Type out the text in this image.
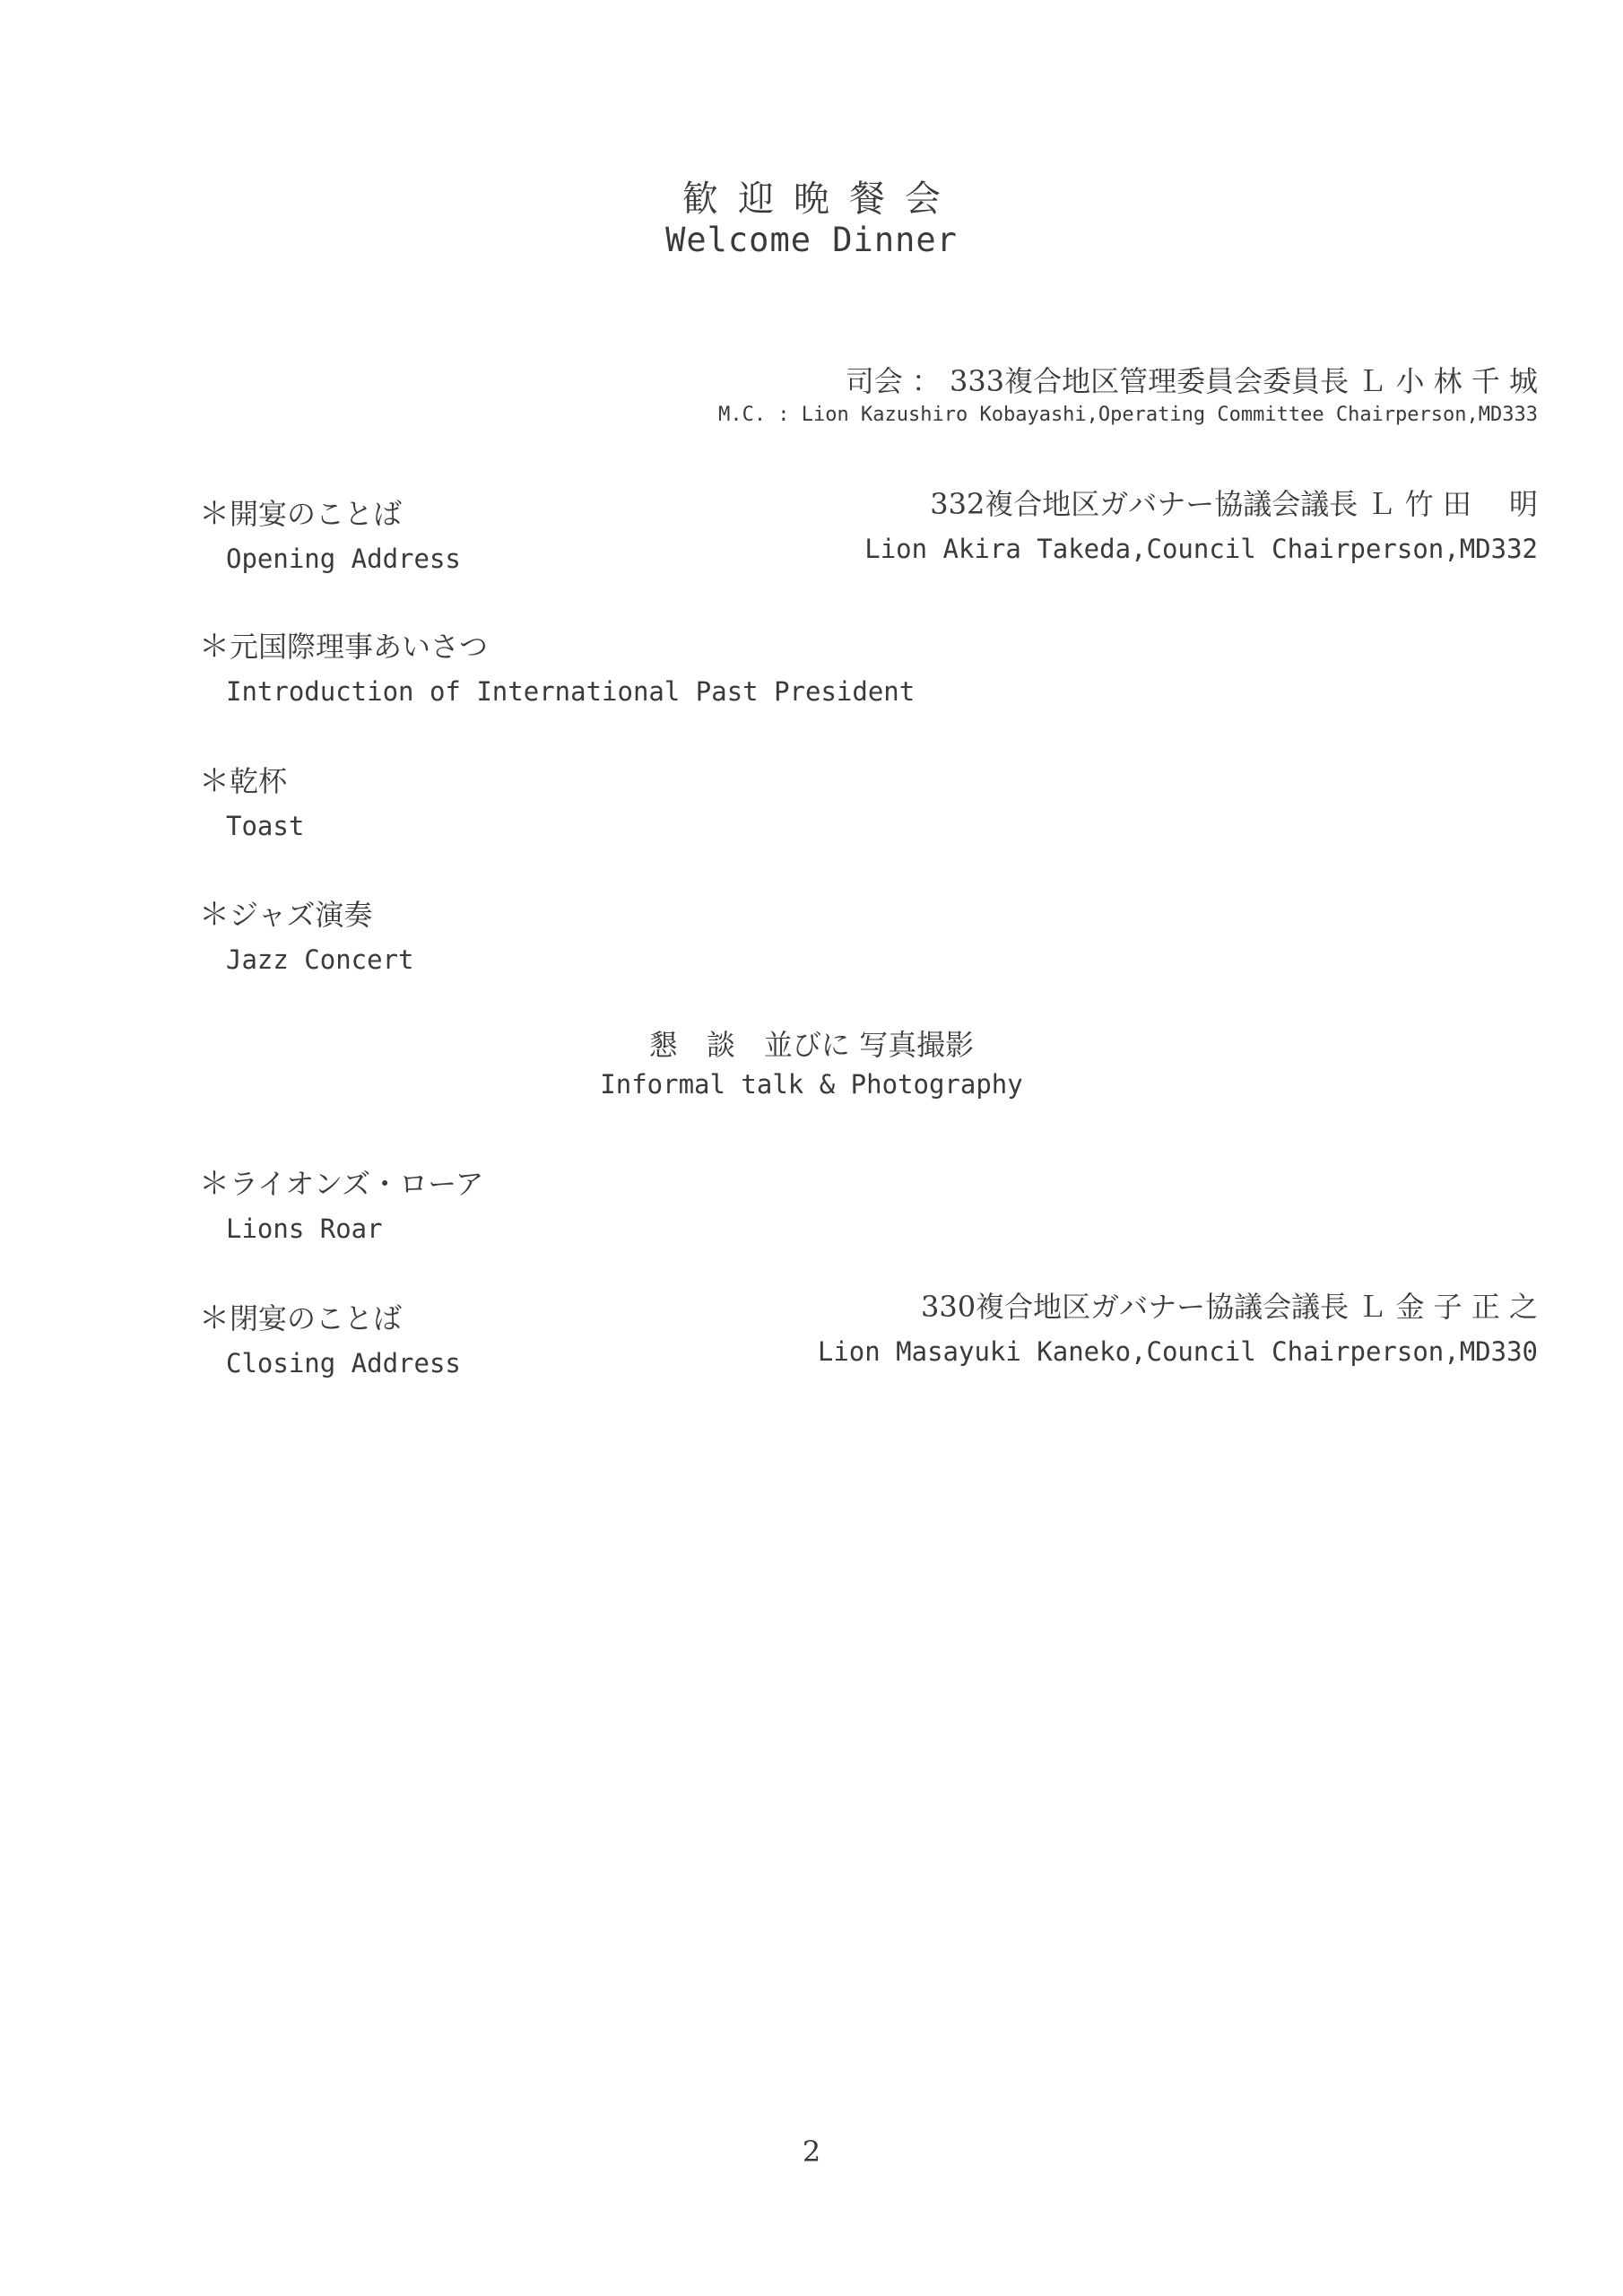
歓迎晩餐会
Welcome Dinner
司会 ： 333複合地区管理委員会委員長 Ｌ 小 林 千 城
M.C. : Lion Kazushiro Kobayashi,Operating Committee Chairperson,MD333
＊開宴のことば
Opening Address
332複合地区ガバナー協議会議長 Ｌ 竹 田　 明
Lion Akira Takeda,Council Chairperson,MD332
＊元国際理事あいさつ
Introduction of International Past President
＊乾杯
Toast
＊ジャズ演奏
Jazz Concert
懇　談　並びに 写真撮影
Informal talk & Photography
＊ライオンズ・ローア
Lions Roar
＊閉宴のことば
Closing Address
330複合地区ガバナー協議会議長 Ｌ 金 子 正 之
Lion Masayuki Kaneko,Council Chairperson,MD330
2
